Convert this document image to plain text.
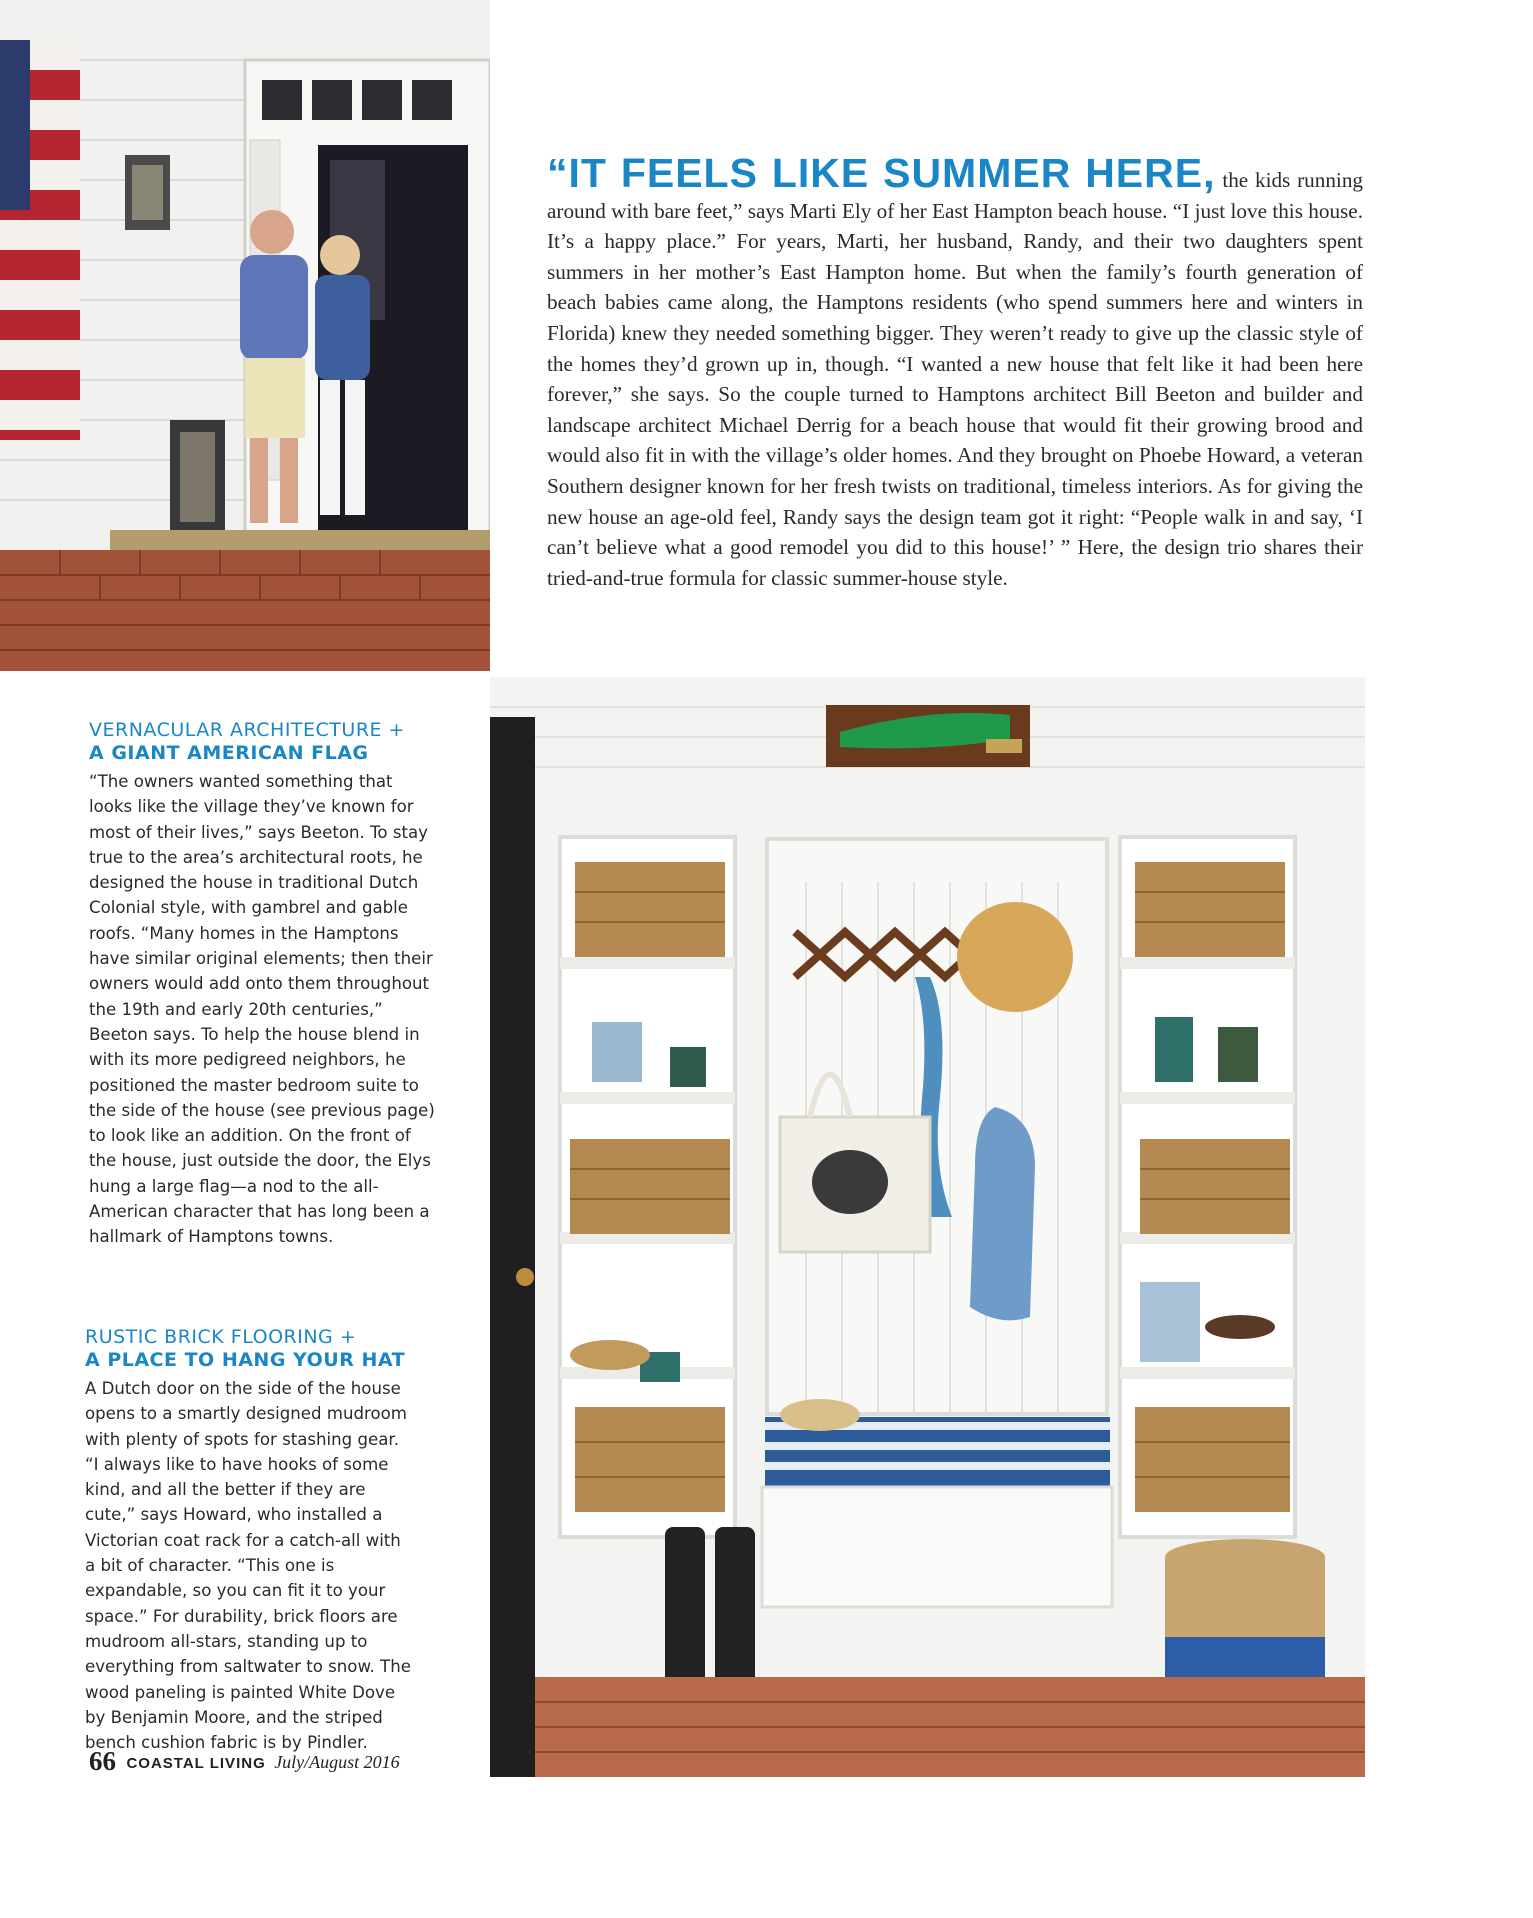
“IT FEELS LIKE SUMMER HERE, the kids running around with bare feet,” says Marti Ely of her East Hampton beach house. “I just love this house. It’s a happy place.” For years, Marti, her husband, Randy, and their two daughters spent summers in her mother’s East Hampton home. But when the family’s fourth generation of beach babies came along, the Hamptons residents (who spend summers here and winters in Florida) knew they needed something bigger. They weren’t ready to give up the classic style of the homes they’d grown up in, though. “I wanted a new house that felt like it had been here forever,” she says. So the couple turned to Hamptons architect Bill Beeton and builder and landscape architect Michael Derrig for a beach house that would fit their growing brood and would also fit in with the village’s older homes. And they brought on Phoebe Howard, a veteran Southern designer known for her fresh twists on traditional, timeless interiors. As for giving the new house an age-old feel, Randy says the design team got it right: “People walk in and say, ‘I can’t believe what a good remodel you did to this house!’ ” Here, the design trio shares their tried-and-true formula for classic summer-house style.

VERNACULAR ARCHITECTURE +
A GIANT AMERICAN FLAG

“The owners wanted something that looks like the village they’ve known for most of their lives,” says Beeton. To stay true to the area’s architectural roots, he designed the house in traditional Dutch Colonial style, with gambrel and gable roofs. “Many homes in the Hamptons have similar original elements; then their owners would add onto them throughout the 19th and early 20th centuries,” Beeton says. To help the house blend in with its more pedigreed neighbors, he positioned the master bedroom suite to the side of the house (see previous page) to look like an addition. On the front of the house, just outside the door, the Elys hung a large flag—a nod to the all-American character that has long been a hallmark of Hamptons towns.

RUSTIC BRICK FLOORING +
A PLACE TO HANG YOUR HAT

A Dutch door on the side of the house opens to a smartly designed mudroom with plenty of spots for stashing gear. “I always like to have hooks of some kind, and all the better if they are cute,” says Howard, who installed a Victorian coat rack for a catch-all with a bit of character. “This one is expandable, so you can fit it to your space.” For durability, brick floors are mudroom all-stars, standing up to everything from saltwater to snow. The wood paneling is painted White Dove by Benjamin Moore, and the striped bench cushion fabric is by Pindler.

66 COASTAL LIVING July/August 2016
